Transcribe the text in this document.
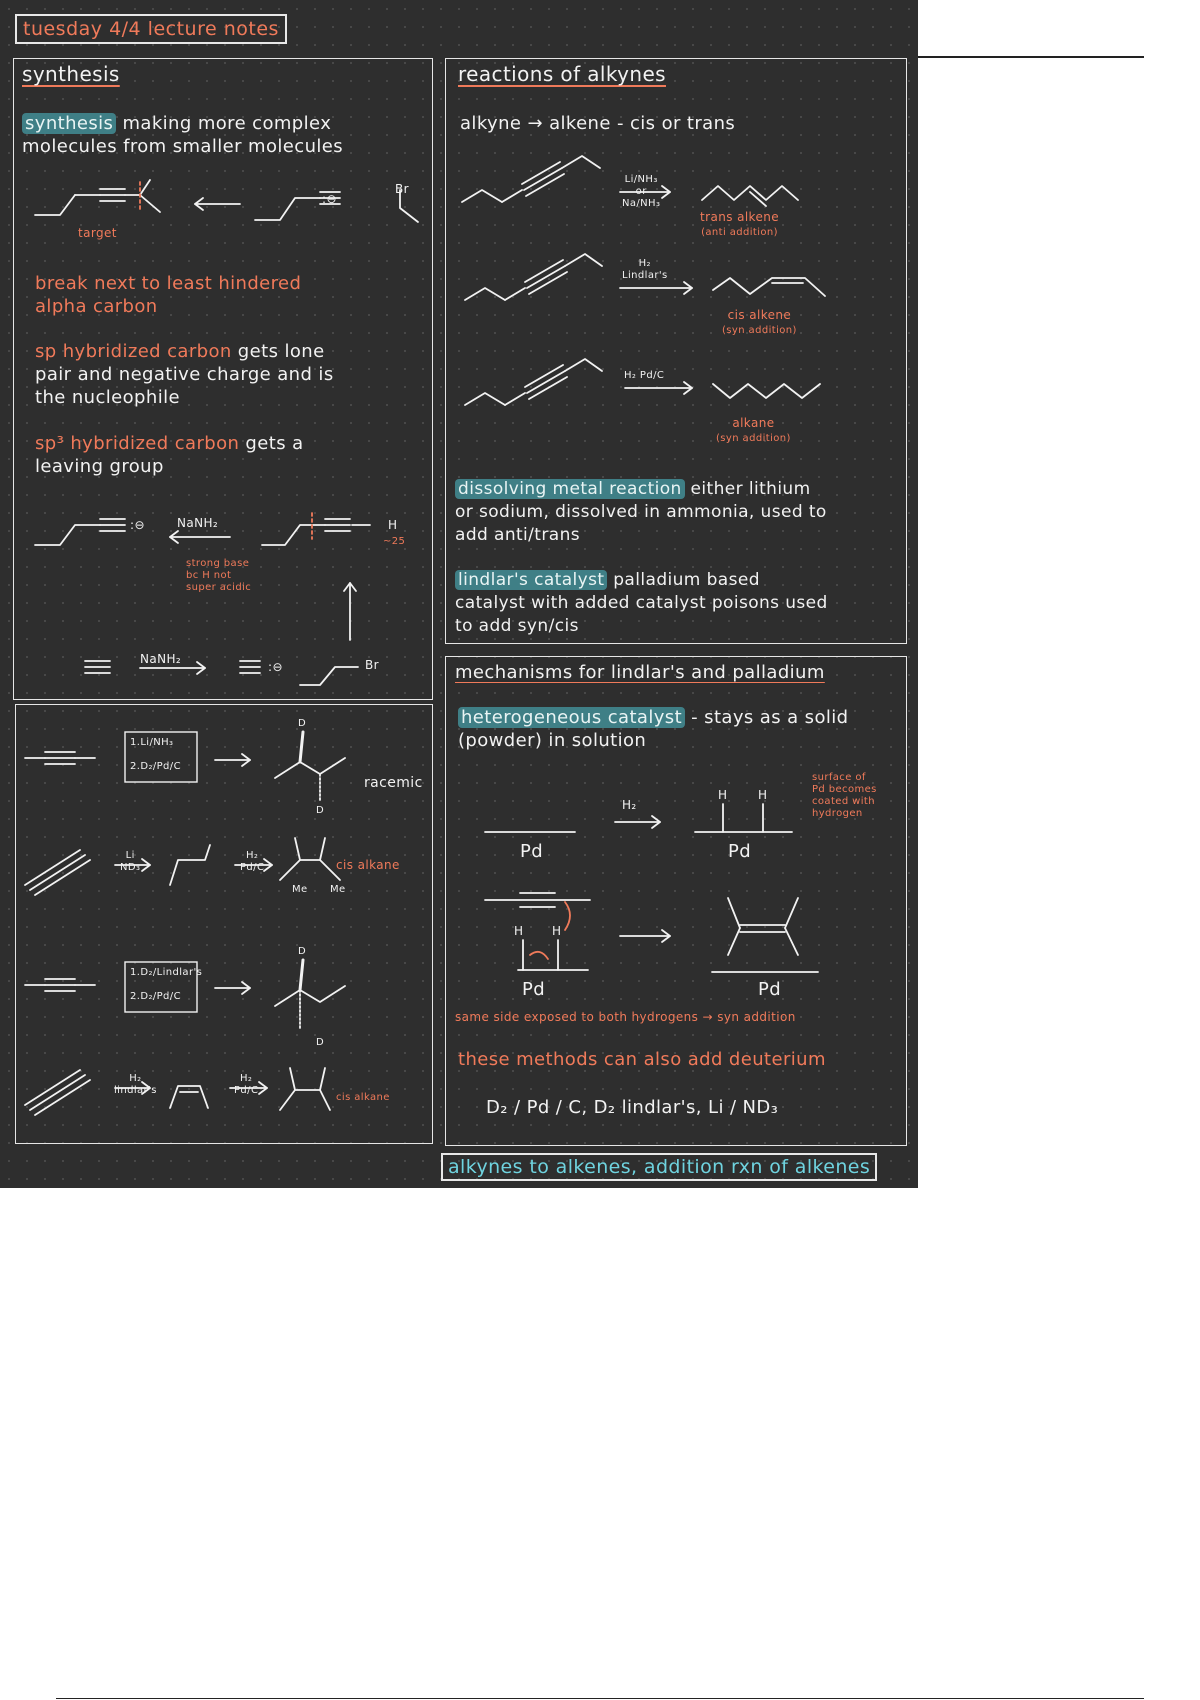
tuesday 4/4 lecture notes
synthesis
synthesis making more complex
molecules from smaller molecules
:⊖
Br
target
break next to least hindered
alpha carbon
sp hybridized carbon gets lone
pair and negative charge and is
the nucleophile
sp³ hybridized carbon gets a
leaving group
:⊖	NaNH₂	H
~25
strong base
bc H not
super acidic
NaNH₂
:⊖	Br
reactions of alkynes
alkyne → alkene - cis or trans
Li/NH₃
or
Na/NH₃
trans alkene
(anti addition)
H₂
Lindlar's
cis alkene
(syn addition)
H₂ Pd/C
alkane
(syn addition)
dissolving metal reaction either lithium
or sodium, dissolved in ammonia, used to
add anti/trans
lindlar's catalyst palladium based
catalyst with added catalyst poisons used
to add syn/cis
1.Li/NH₃

2.D₂/Pd/C
D
D
racemic
Li
ND₃
H₂
Pd/C	cis alkane
Me Me
1.D₂/Lindlar's

2.D₂/Pd/C
D
D
H₂
lindlar's
H₂
Pd/C
cis alkane
mechanisms for lindlar's and palladium
heterogeneous catalyst - stays as a solid
(powder) in solution
Pd
H₂
H	H
Pd
surface of
Pd becomes
coated with
hydrogen
H H
Pd	Pd
same side exposed to both hydrogens → syn addition
these methods can also add deuterium
D₂ / Pd / C, D₂ lindlar's, Li / ND₃
alkynes to alkenes, addition rxn of alkenes
